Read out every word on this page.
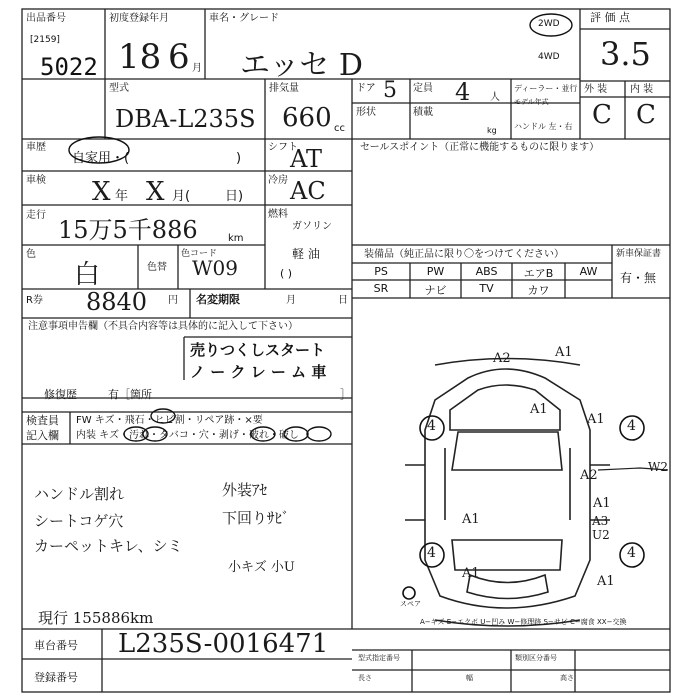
出品番号
[2159]
5022
初度登録年月
18 6 月
車名・グレード
エッセ D
型式
DBA-L235S
排気量
660 cc
2WD
4WD
ドア 5
形状
定員 4 人
積載
kg
ディーラー・並行
モデル年式
ハンドル 左・右
評 価 点
3.5
外 装 内 装
C C
車歴
自家用・(	)
シフト
AT
車検 X 年 X 月(	日)
冷房 AC
走行
15万5千886	km
燃料
ガソリン
軽 油
( )
色
白	色替
色コード
W09
R券 8840 円 名変期限	月	日
セールスポイント（正常に機能するものに限ります）
装備品（純正品に限り〇をつけてください）
PS	PW	ABS	エアB	AW
SR	ナビ	TV	カワ
新車保証書
有・無
注意事項申告欄（不具合内容等は具体的に記入して下さい）
売りつくしスタート
ノ ー ク レ ー ム 車
修復歴	有［箇所	］
検査員
記入欄
FW キズ・飛石・ヒビ割・リペア跡・×要
内装 キズ・汚れ・タバコ・穴・剥げ・破れ・破し
ハンドル割れ
シートコゲ穴
カーペットキレ、シミ
外装ｱｾ
下回りｻﾋﾞ
小キズ 小U
現行 155886km
A2	A1
A1
A1
A1
A2
A1
A3 U2
A1
A1
4	4
4	4
W2
スペア
A−キズ E−エクボ U−凹み W−修理跡 S−サビ C−腐食 XX−交換
車台番号 L235S-0016471
登録番号
型式指定番号	類別区分番号
長さ	幅	高さ
